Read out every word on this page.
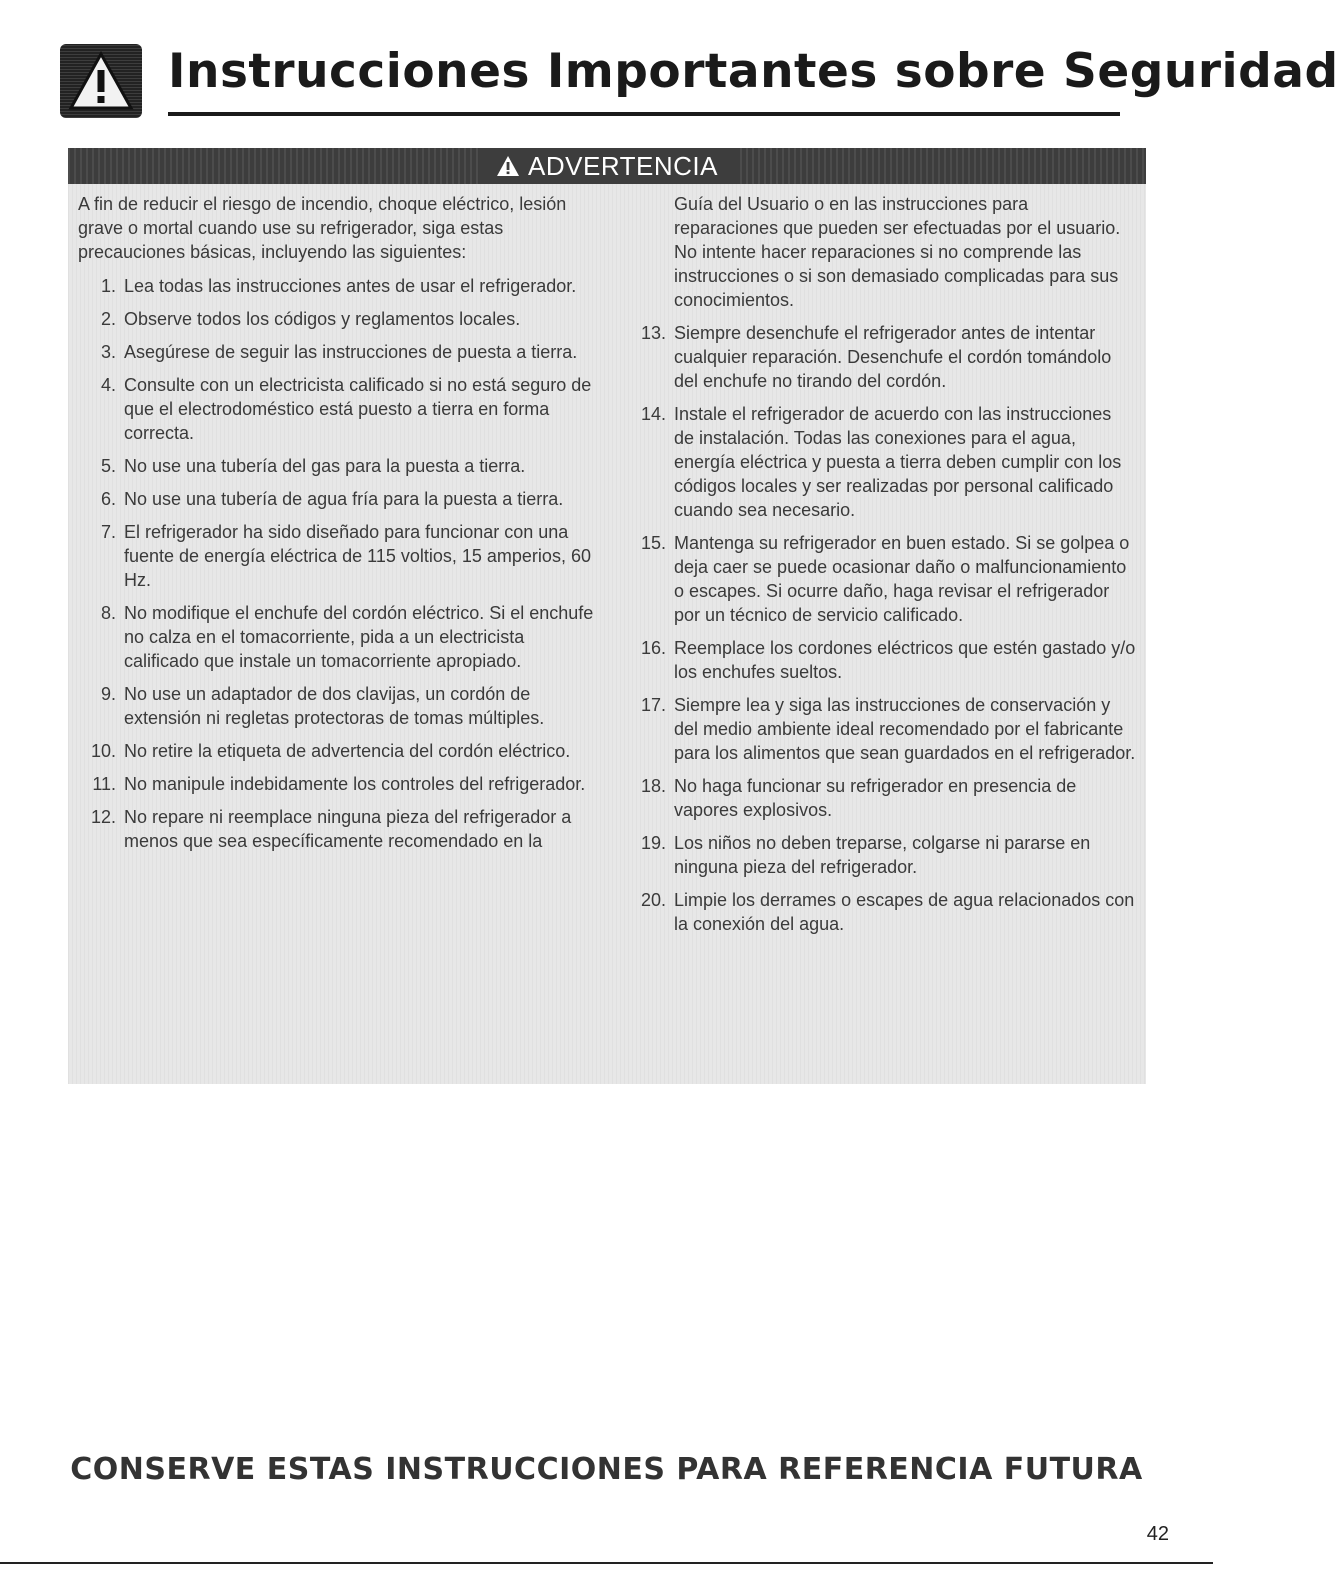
Instrucciones Importantes sobre Seguridad
ADVERTENCIA

A fin de reducir el riesgo de incendio, choque eléctrico, lesión grave o mortal cuando use su refrigerador, siga estas precauciones básicas, incluyendo las siguientes:

1. Lea todas las instrucciones antes de usar el refrigerador.
2. Observe todos los códigos y reglamentos locales.
3. Asegúrese de seguir las instrucciones de puesta a tierra.
4. Consulte con un electricista calificado si no está seguro de que el electrodoméstico está puesto a tierra en forma correcta.
5. No use una tubería del gas para la puesta a tierra.
6. No use una tubería de agua fría para la puesta a tierra.
7. El refrigerador ha sido diseñado para funcionar con una fuente de energía eléctrica de 115 voltios, 15 amperios, 60 Hz.
8. No modifique el enchufe del cordón eléctrico. Si el enchufe no calza en el tomacorriente, pida a un electricista calificado que instale un tomacorriente apropiado.
9. No use un adaptador de dos clavijas, un cordón de extensión ni regletas protectoras de tomas múltiples.
10. No retire la etiqueta de advertencia del cordón eléctrico.
11. No manipule indebidamente los controles del refrigerador.
12. No repare ni reemplace ninguna pieza del refrigerador a menos que sea específicamente recomendado en la
Guía del Usuario o en las instrucciones para reparaciones que pueden ser efectuadas por el usuario. No intente hacer reparaciones si no comprende las instrucciones o si son demasiado complicadas para sus conocimientos.
13. Siempre desenchufe el refrigerador antes de intentar cualquier reparación. Desenchufe el cordón tomándolo del enchufe no tirando del cordón.
14. Instale el refrigerador de acuerdo con las instrucciones de instalación. Todas las conexiones para el agua, energía eléctrica y puesta a tierra deben cumplir con los códigos locales y ser realizadas por personal calificado cuando sea necesario.
15. Mantenga su refrigerador en buen estado. Si se golpea o deja caer se puede ocasionar daño o malfuncionamiento o escapes. Si ocurre daño, haga revisar el refrigerador por un técnico de servicio calificado.
16. Reemplace los cordones eléctricos que estén gastado y/o los enchufes sueltos.
17. Siempre lea y siga las instrucciones de conservación y del medio ambiente ideal recomendado por el fabricante para los alimentos que sean guardados en el refrigerador.
18. No haga funcionar su refrigerador en presencia de vapores explosivos.
19. Los niños no deben treparse, colgarse ni pararse en ninguna pieza del refrigerador.
20. Limpie los derrames o escapes de agua relacionados con la conexión del agua.

CONSERVE ESTAS INSTRUCCIONES PARA REFERENCIA FUTURA

42
